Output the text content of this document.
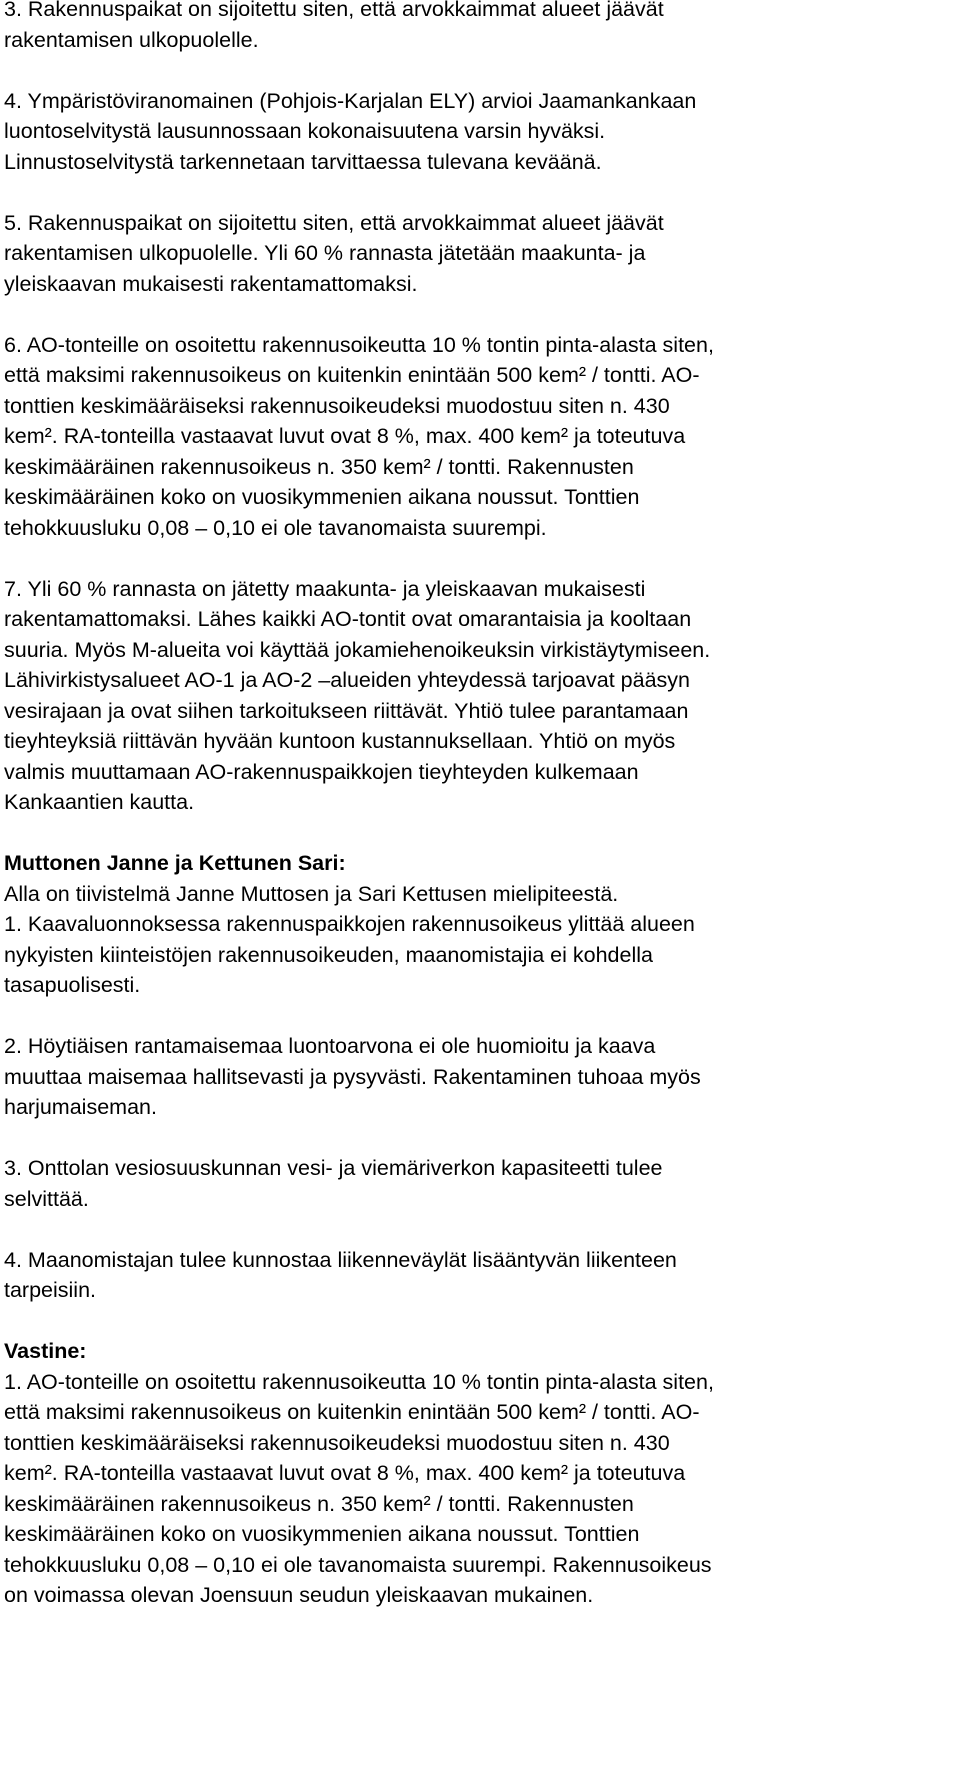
3. Rakennuspaikat on sijoitettu siten, että arvokkaimmat alueet jäävät
rakentamisen ulkopuolelle.

4. Ympäristöviranomainen (Pohjois-Karjalan ELY) arvioi Jaamankankaan
luontoselvitystä lausunnossaan kokonaisuutena varsin hyväksi.
Linnustoselvitystä tarkennetaan tarvittaessa tulevana keväänä.

5. Rakennuspaikat on sijoitettu siten, että arvokkaimmat alueet jäävät
rakentamisen ulkopuolelle. Yli 60 % rannasta jätetään maakunta- ja
yleiskaavan mukaisesti rakentamattomaksi.

6. AO-tonteille on osoitettu rakennusoikeutta 10 % tontin pinta-alasta siten,
että maksimi rakennusoikeus on kuitenkin enintään 500 kem² / tontti. AO-
tonttien keskimääräiseksi rakennusoikeudeksi muodostuu siten n. 430
kem². RA-tonteilla vastaavat luvut ovat 8 %, max. 400 kem² ja toteutuva
keskimääräinen rakennusoikeus n. 350 kem² / tontti. Rakennusten
keskimääräinen koko on vuosikymmenien aikana noussut. Tonttien
tehokkuusluku 0,08 – 0,10 ei ole tavanomaista suurempi.

7. Yli 60 % rannasta on jätetty maakunta- ja yleiskaavan mukaisesti
rakentamattomaksi. Lähes kaikki AO-tontit ovat omarantaisia ja kooltaan
suuria. Myös M-alueita voi käyttää jokamiehenoikeuksin virkistäytymiseen.
Lähivirkistysalueet AO-1 ja AO-2 –alueiden yhteydessä tarjoavat pääsyn
vesirajaan ja ovat siihen tarkoitukseen riittävät. Yhtiö tulee parantamaan
tieyhteyksiä riittävän hyvään kuntoon kustannuksellaan. Yhtiö on myös
valmis muuttamaan AO-rakennuspaikkojen tieyhteyden kulkemaan
Kankaantien kautta.

Muttonen Janne ja Kettunen Sari:

Alla on tiivistelmä Janne Muttosen ja Sari Kettusen mielipiteestä.

1. Kaavaluonnoksessa rakennuspaikkojen rakennusoikeus ylittää alueen
nykyisten kiinteistöjen rakennusoikeuden, maanomistajia ei kohdella
tasapuolisesti.

2. Höytiäisen rantamaisemaa luontoarvona ei ole huomioitu ja kaava
muuttaa maisemaa hallitsevasti ja pysyvästi. Rakentaminen tuhoaa myös
harjumaiseman.

3. Onttolan vesiosuuskunnan vesi- ja viemäriverkon kapasiteetti tulee
selvittää.

4. Maanomistajan tulee kunnostaa liikenneväylät lisääntyvän liikenteen
tarpeisiin.

Vastine:

1. AO-tonteille on osoitettu rakennusoikeutta 10 % tontin pinta-alasta siten,
että maksimi rakennusoikeus on kuitenkin enintään 500 kem² / tontti. AO-
tonttien keskimääräiseksi rakennusoikeudeksi muodostuu siten n. 430
kem². RA-tonteilla vastaavat luvut ovat 8 %, max. 400 kem² ja toteutuva
keskimääräinen rakennusoikeus n. 350 kem² / tontti. Rakennusten
keskimääräinen koko on vuosikymmenien aikana noussut. Tonttien
tehokkuusluku 0,08 – 0,10 ei ole tavanomaista suurempi. Rakennusoikeus
on voimassa olevan Joensuun seudun yleiskaavan mukainen.
